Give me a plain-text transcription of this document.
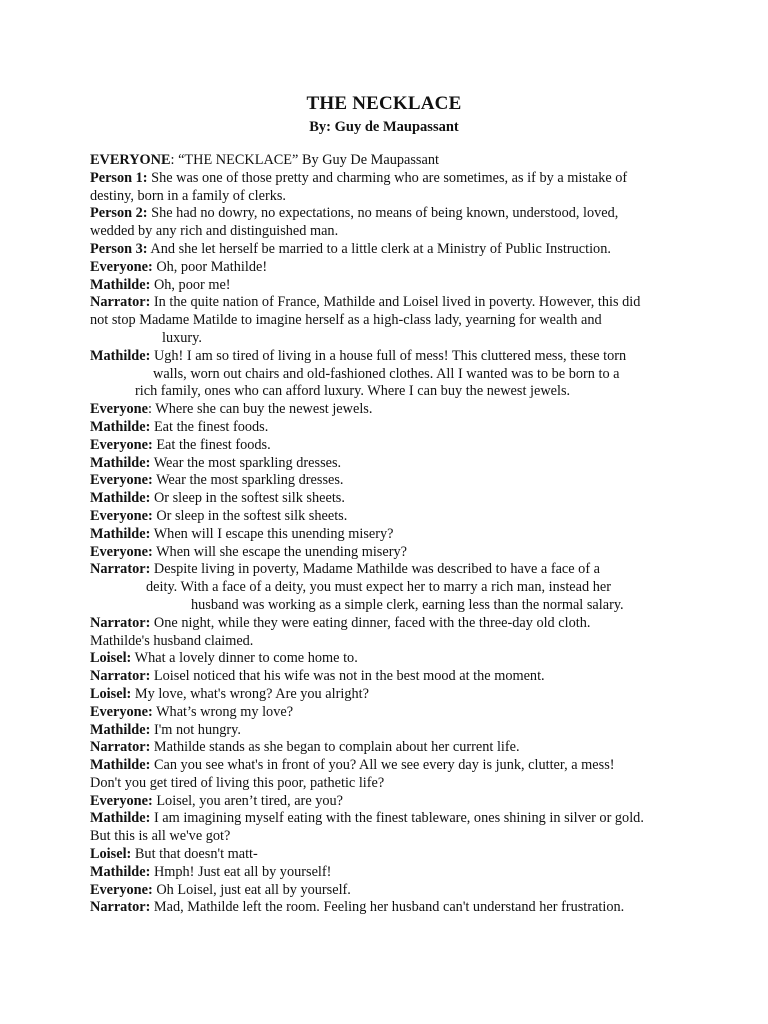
THE NECKLACE
By: Guy de Maupassant
EVERYONE: “THE NECKLACE” By Guy De Maupassant
Person 1: She was one of those pretty and charming who are sometimes, as if by a mistake of
destiny, born in a family of clerks.
Person 2: She had no dowry, no expectations, no means of being known, understood, loved,
wedded by any rich and distinguished man.
Person 3: And she let herself be married to a little clerk at a Ministry of Public Instruction.
Everyone: Oh, poor Mathilde!
Mathilde: Oh, poor me!
Narrator: In the quite nation of France, Mathilde and Loisel lived in poverty. However, this did
not stop Madame Matilde to imagine herself as a high-class lady, yearning for wealth and
luxury.
Mathilde: Ugh! I am so tired of living in a house full of mess! This cluttered mess, these torn
walls, worn out chairs and old-fashioned clothes. All I wanted was to be born to a
rich family, ones who can afford luxury. Where I can buy the newest jewels.
Everyone: Where she can buy the newest jewels.
Mathilde: Eat the finest foods.
Everyone: Eat the finest foods.
Mathilde: Wear the most sparkling dresses.
Everyone: Wear the most sparkling dresses.
Mathilde: Or sleep in the softest silk sheets.
Everyone: Or sleep in the softest silk sheets.
Mathilde: When will I escape this unending misery?
Everyone: When will she escape the unending misery?
Narrator: Despite living in poverty, Madame Mathilde was described to have a face of a
deity. With a face of a deity, you must expect her to marry a rich man, instead her
husband was working as a simple clerk, earning less than the normal salary.
Narrator: One night, while they were eating dinner, faced with the three-day old cloth.
Mathilde's husband claimed.
Loisel: What a lovely dinner to come home to.
Narrator: Loisel noticed that his wife was not in the best mood at the moment.
Loisel: My love, what's wrong? Are you alright?
Everyone: What’s wrong my love?
Mathilde: I'm not hungry.
Narrator: Mathilde stands as she began to complain about her current life.
Mathilde: Can you see what's in front of you? All we see every day is junk, clutter, a mess!
Don't you get tired of living this poor, pathetic life?
Everyone: Loisel, you aren’t tired, are you?
Mathilde: I am imagining myself eating with the finest tableware, ones shining in silver or gold.
But this is all we've got?
Loisel: But that doesn't matt-
Mathilde: Hmph! Just eat all by yourself!
Everyone: Oh Loisel, just eat all by yourself.
Narrator: Mad, Mathilde left the room. Feeling her husband can't understand her frustration.
